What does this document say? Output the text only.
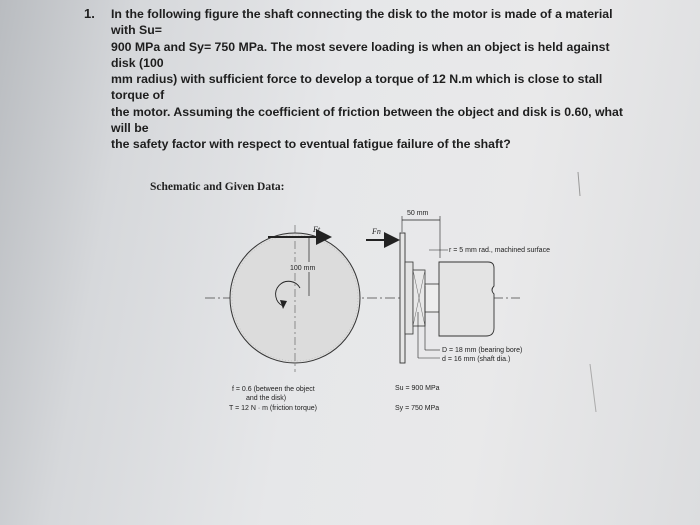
1. In the following figure the shaft connecting the disk to the motor is made of a material with Su=
900 MPa and Sy= 750 MPa. The most severe loading is when an object is held against disk (100
mm radius) with sufficient force to develop a torque of 12 N.m which is close to stall torque of
the motor. Assuming the coefficient of friction between the object and disk is 0.60, what will be
the safety factor with respect to eventual fatigue failure of the shaft?
Schematic and Given Data:
Ft	Fn
100 mm
50 mm
r = 5 mm rad., machined surface
D = 18 mm (bearing bore)
d = 16 mm (shaft dia.)
f = 0.6 (between the object
and the disk)
T = 12 N · m (friction torque)
Su = 900 MPa
Sy = 750 MPa
